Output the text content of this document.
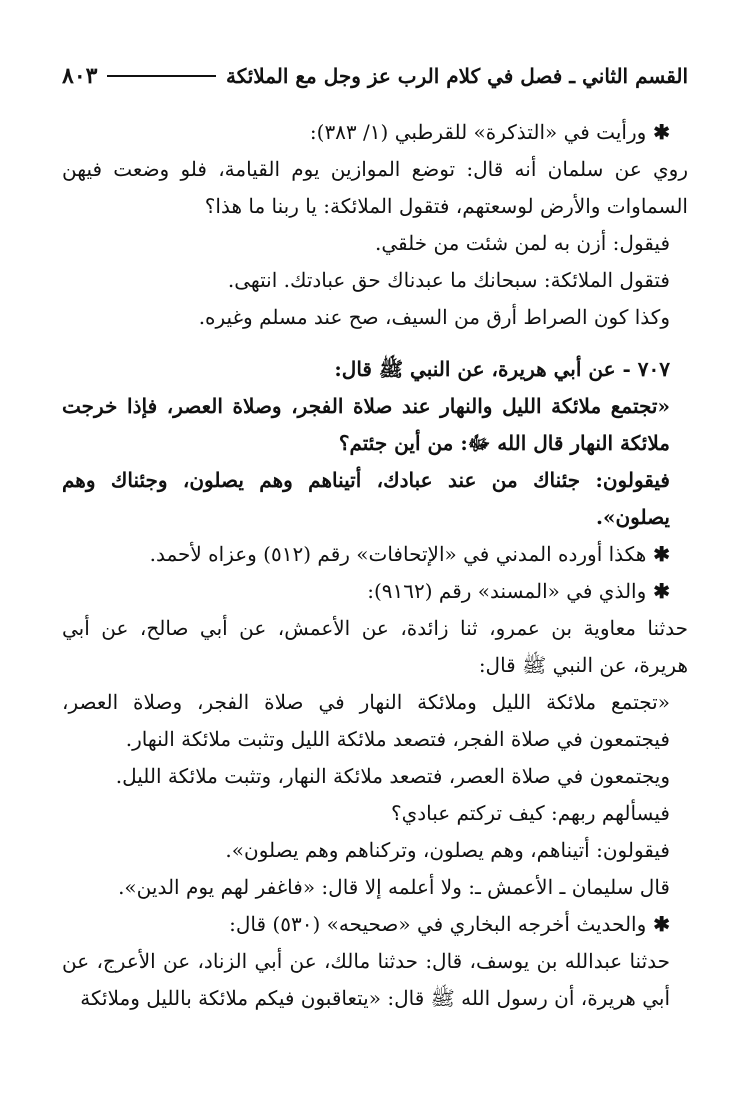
القسم الثاني ـ فصل في كلام الرب عز وجل مع الملائكة
٨٠٣

✱ ورأيت في «التذكرة» للقرطبي (١/ ٣٨٣):

روي عن سلمان أنه قال: توضع الموازين يوم القيامة، فلو وضعت فيهن السماوات والأرض لوسعتهم، فتقول الملائكة: يا ربنا ما هذا؟

فيقول: أزن به لمن شئت من خلقي.

فتقول الملائكة: سبحانك ما عبدناك حق عبادتك. انتهى.

وكذا كون الصراط أرق من السيف، صح عند مسلم وغيره.

٧٠٧ - عن أبي هريرة، عن النبي ﷺ قال:

«تجتمع ملائكة الليل والنهار عند صلاة الفجر، وصلاة العصر، فإذا خرجت ملائكة النهار قال الله ﷻ: من أين جئتم؟

فيقولون: جئناك من عند عبادك، أتيناهم وهم يصلون، وجئناك وهم يصلون».

✱ هكذا أورده المدني في «الإتحافات» رقم (٥١٢) وعزاه لأحمد.

✱ والذي في «المسند» رقم (٩١٦٢):

حدثنا معاوية بن عمرو، ثنا زائدة، عن الأعمش، عن أبي صالح، عن أبي هريرة، عن النبي ﷺ قال:

«تجتمع ملائكة الليل وملائكة النهار في صلاة الفجر، وصلاة العصر، فيجتمعون في صلاة الفجر، فتصعد ملائكة الليل وتثبت ملائكة النهار.

ويجتمعون في صلاة العصر، فتصعد ملائكة النهار، وتثبت ملائكة الليل.

فيسألهم ربهم: كيف تركتم عبادي؟

فيقولون: أتيناهم، وهم يصلون، وتركناهم وهم يصلون».

قال سليمان ـ الأعمش ـ: ولا أعلمه إلا قال: «فاغفر لهم يوم الدين».

✱ والحديث أخرجه البخاري في «صحيحه» (٥٣٠) قال:

حدثنا عبدالله بن يوسف، قال: حدثنا مالك، عن أبي الزناد، عن الأعرج، عن أبي هريرة، أن رسول الله ﷺ قال: «يتعاقبون فيكم ملائكة بالليل وملائكة
